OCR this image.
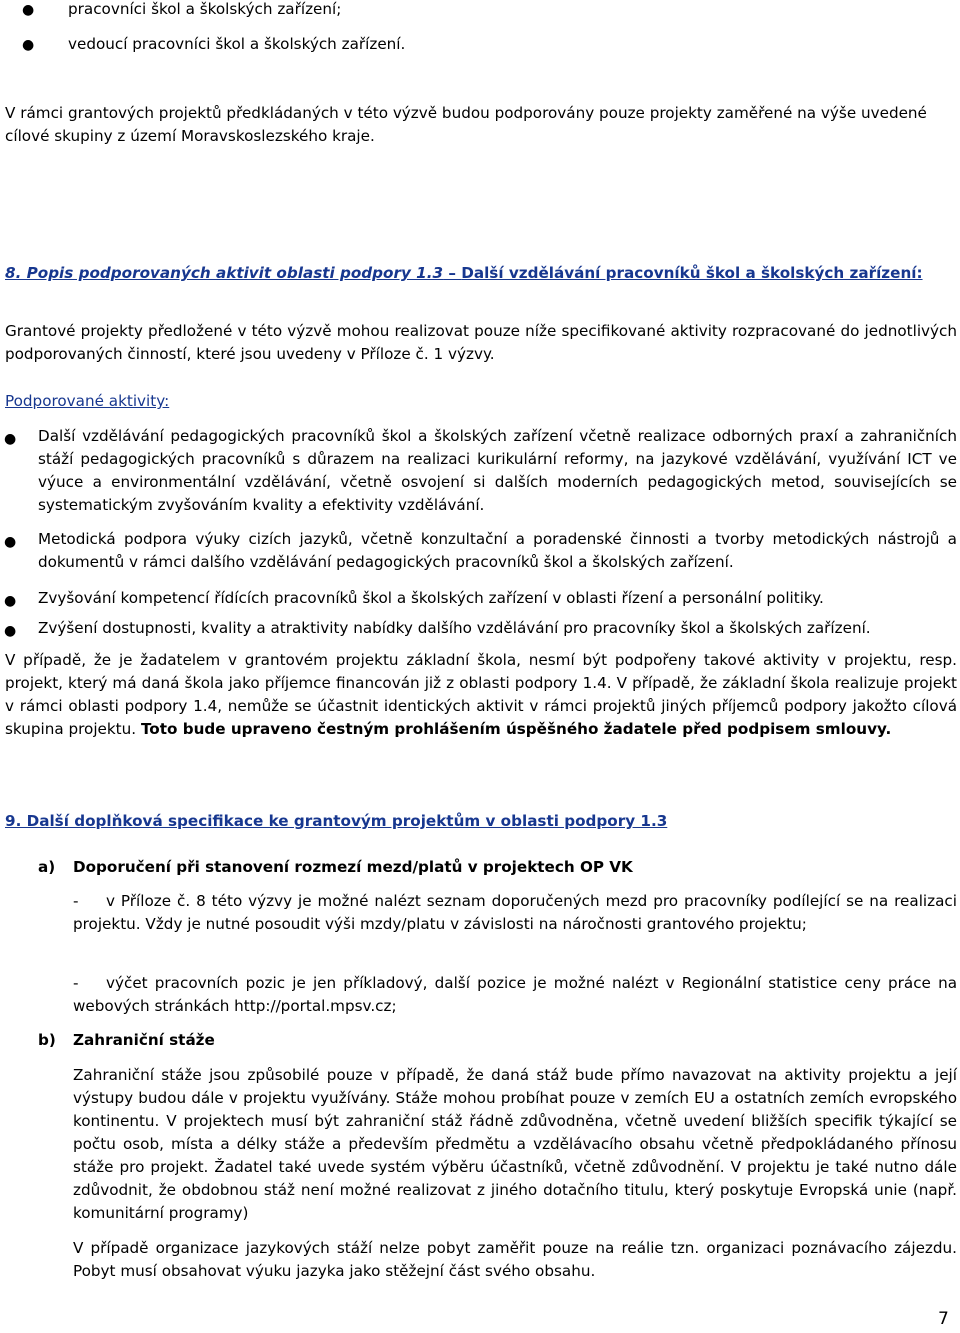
● pracovníci škol a školských zařízení;

● vedoucí pracovníci škol a školských zařízení.

V rámci grantových projektů předkládaných v této výzvě budou podporovány pouze projekty zaměřené na výše uvedené cílové skupiny z území Moravskoslezského kraje.

8. Popis podporovaných aktivit oblasti podpory 1.3 – Další vzdělávání pracovníků škol a školských zařízení:

Grantové projekty předložené v této výzvě mohou realizovat pouze níže specifikované aktivity rozpracované do jednotlivých podporovaných činností, které jsou uvedeny v Příloze č. 1 výzvy.

Podporované aktivity:

● Další vzdělávání pedagogických pracovníků škol a školských zařízení včetně realizace odborných praxí a zahraničních stáží pedagogických pracovníků s důrazem na realizaci kurikulární reformy, na jazykové vzdělávání, využívání ICT ve výuce a environmentální vzdělávání, včetně osvojení si dalších moderních pedagogických metod, souvisejících se systematickým zvyšováním kvality a efektivity vzdělávání.

● Metodická podpora výuky cizích jazyků, včetně konzultační a poradenské činnosti a tvorby metodických nástrojů a dokumentů v rámci dalšího vzdělávání pedagogických pracovníků škol a školských zařízení.

● Zvyšování kompetencí řídících pracovníků škol a školských zařízení v oblasti řízení a personální politiky.

● Zvýšení dostupnosti, kvality a atraktivity nabídky dalšího vzdělávání pro pracovníky škol a školských zařízení.

V případě, že je žadatelem v grantovém projektu základní škola, nesmí být podpořeny takové aktivity v projektu, resp. projekt, který má daná škola jako příjemce financován již z oblasti podpory 1.4. V případě, že základní škola realizuje projekt v rámci oblasti podpory 1.4, nemůže se účastnit identických aktivit v rámci projektů jiných příjemců podpory jakožto cílová skupina projektu. Toto bude upraveno čestným prohlášením úspěšného žadatele před podpisem smlouvy.

9. Další doplňková specifikace ke grantovým projektům v oblasti podpory 1.3

a) Doporučení při stanovení rozmezí mezd/platů v projektech OP VK

-	v Příloze č. 8 této výzvy je možné nalézt seznam doporučených mezd pro pracovníky podílející se na realizaci projektu. Vždy je nutné posoudit výši mzdy/platu v závislosti na náročnosti grantového projektu;

-	výčet pracovních pozic je jen příkladový, další pozice je možné nalézt v Regionální statistice ceny práce na webových stránkách http://portal.mpsv.cz;

b) Zahraniční stáže

Zahraniční stáže jsou způsobilé pouze v případě, že daná stáž bude přímo navazovat na aktivity projektu a její výstupy budou dále v projektu využívány. Stáže mohou probíhat pouze v zemích EU a ostatních zemích evropského kontinentu. V projektech musí být zahraniční stáž řádně zdůvodněna, včetně uvedení bližších specifik týkající se počtu osob, místa a délky stáže a především předmětu a vzdělávacího obsahu včetně předpokládaného přínosu stáže pro projekt. Žadatel také uvede systém výběru účastníků, včetně zdůvodnění. V projektu je také nutno dále zdůvodnit, že obdobnou stáž není možné realizovat z jiného dotačního titulu, který poskytuje Evropská unie (např. komunitární programy)

V případě organizace jazykových stáží nelze pobyt zaměřit pouze na reálie tzn. organizaci poznávacího zájezdu. Pobyt musí obsahovat výuku jazyka jako stěžejní část svého obsahu.

7
